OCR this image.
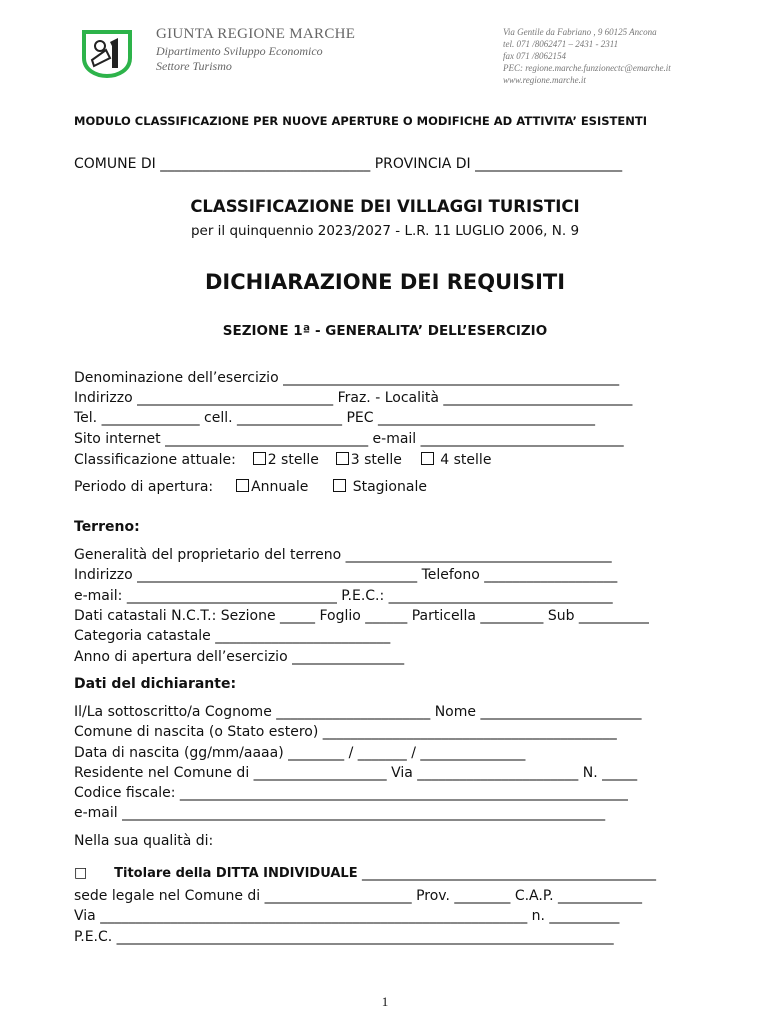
GIUNTA REGIONE MARCHE
Dipartimento Sviluppo Economico
Settore Turismo
Via Gentile da Fabriano , 9 60125 Ancona
tel. 071 /8062471 – 2431 - 2311
fax 071 /8062154
PEC: regione.marche.funzionectc@emarche.it
www.regione.marche.it
MODULO CLASSIFICAZIONE PER NUOVE APERTURE O MODIFICHE AD ATTIVITA’ ESISTENTI
COMUNE DI ______________________________ PROVINCIA DI _____________________
CLASSIFICAZIONE DEI VILLAGGI TURISTICI
per il quinquennio 2023/2027 - L.R. 11 LUGLIO 2006, N. 9
DICHIARAZIONE DEI REQUISITI
SEZIONE 1ª - GENERALITA’ DELL’ESERCIZIO
Denominazione dell’esercizio ________________________________________________
Indirizzo ____________________________ Fraz. - Località ___________________________
Tel. ______________ cell. _______________ PEC _______________________________
Sito internet _____________________________ e-mail _____________________________
Classificazione attuale: 2 stelle 3 stelle	4 stelle
Periodo di apertura:	Annuale	Stagionale
Terreno:
Generalità del proprietario del terreno ______________________________________
Indirizzo ________________________________________ Telefono ___________________
e-mail: ______________________________ P.E.C.: ________________________________
Dati catastali N.C.T.: Sezione _____ Foglio ______ Particella _________ Sub __________
Categoria catastale _________________________
Anno di apertura dell’esercizio ________________
Dati del dichiarante:
Il/La sottoscritto/a Cognome ______________________ Nome _______________________
Comune di nascita (o Stato estero) __________________________________________
Data di nascita (gg/mm/aaaa) ________ / _______ / _______________
Residente nel Comune di ___________________ Via _______________________ N. _____
Codice fiscale: ________________________________________________________________
e-mail _____________________________________________________________________
Nella sua qualità di:
□ Titolare della DITTA INDIVIDUALE __________________________________________
sede legale nel Comune di _____________________ Prov. ________ C.A.P. ____________
Via _____________________________________________________________ n. __________
P.E.C. _______________________________________________________________________
1
